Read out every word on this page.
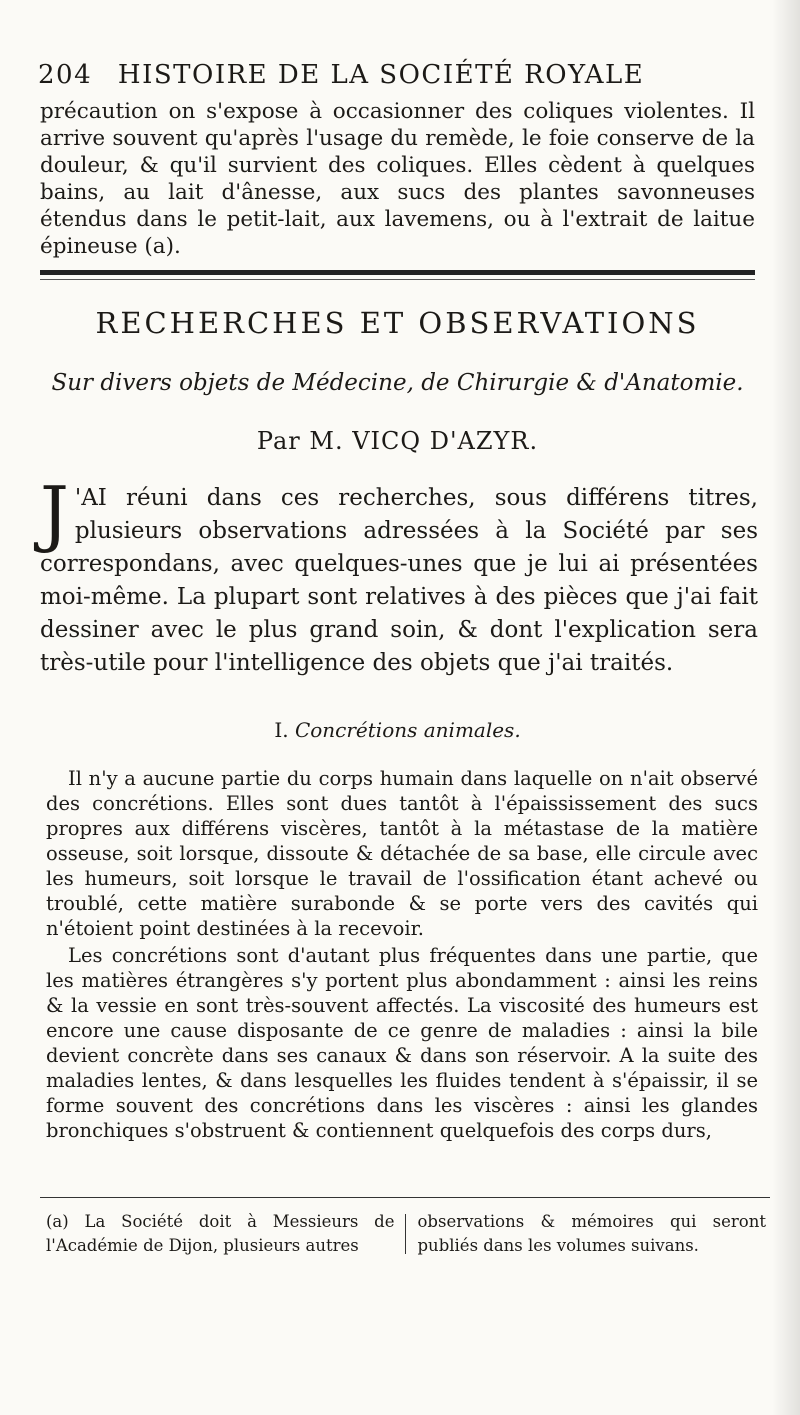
204 HISTOIRE DE LA SOCIÉTÉ ROYALE
précaution on s'expose à occasionner des coliques violentes. Il arrive souvent qu'après l'usage du remède, le foie conserve de la douleur, & qu'il survient des coliques. Elles cèdent à quelques bains, au lait d'ânesse, aux sucs des plantes savonneuses étendus dans le petit-lait, aux lavemens, ou à l'extrait de laitue épineuse (a).
RECHERCHES ET OBSERVATIONS
Sur divers objets de Médecine, de Chirurgie & d'Anatomie.
Par M. VICQ D'AZYR.
J 'AI réuni dans ces recherches, sous différens titres, plusieurs observations adressées à la Société par ses correspondans, avec quelques-unes que je lui ai présentées moi-même. La plupart sont relatives à des pièces que j'ai fait dessiner avec le plus grand soin, & dont l'explication sera très-utile pour l'intelligence des objets que j'ai traités.
I. Concrétions animales.

Il n'y a aucune partie du corps humain dans laquelle on n'ait observé des concrétions. Elles sont dues tantôt à l'épaississement des sucs propres aux différens viscères, tantôt à la métastase de la matière osseuse, soit lorsque, dissoute & détachée de sa base, elle circule avec les humeurs, soit lorsque le travail de l'ossification étant achevé ou troublé, cette matière surabonde & se porte vers des cavités qui n'étoient point destinées à la recevoir.

Les concrétions sont d'autant plus fréquentes dans une partie, que les matières étrangères s'y portent plus abondamment : ainsi les reins & la vessie en sont très-souvent affectés. La viscosité des humeurs est encore une cause disposante de ce genre de maladies : ainsi la bile devient concrète dans ses canaux & dans son réservoir. A la suite des maladies lentes, & dans lesquelles les fluides tendent à s'épaissir, il se forme souvent des concrétions dans les viscères : ainsi les glandes bronchiques s'obstruent & contiennent quelquefois des corps durs,

(a) La Société doit à Messieurs de l'Académie de Dijon, plusieurs autres
observations & mémoires qui seront publiés dans les volumes suivans.
